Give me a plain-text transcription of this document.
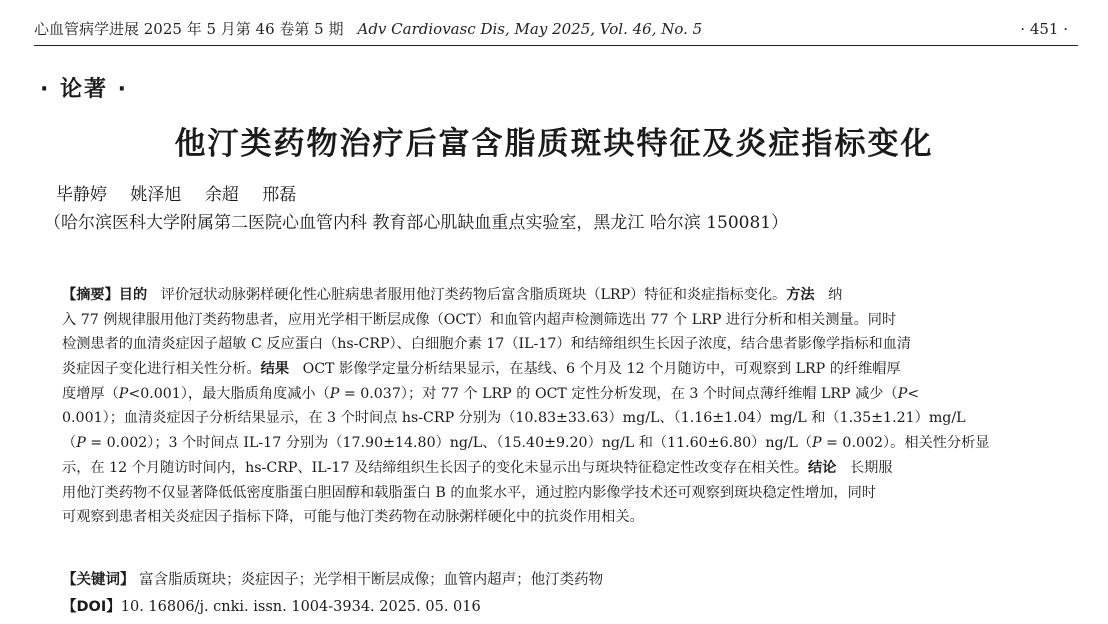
心血管病学进展 2025 年 5 月第 46 卷第 5 期 Adv Cardiovasc Dis, May 2025, Vol. 46, No. 5	· 451 ·
· 论著 ·
他汀类药物治疗后富含脂质斑块特征及炎症指标变化
毕静婷 姚泽旭 余超 邢磊
（哈尔滨医科大学附属第二医院心血管内科 教育部心肌缺血重点实验室，黑龙江 哈尔滨 150081）
【摘要】目的 评价冠状动脉粥样硬化性心脏病患者服用他汀类药物后富含脂质斑块（LRP）特征和炎症指标变化。方法 纳
入 77 例规律服用他汀类药物患者，应用光学相干断层成像（OCT）和血管内超声检测筛选出 77 个 LRP 进行分析和相关测量。同时
检测患者的血清炎症因子超敏 C 反应蛋白（hs-CRP）、白细胞介素 17（IL-17）和结缔组织生长因子浓度，结合患者影像学指标和血清
炎症因子变化进行相关性分析。结果 OCT 影像学定量分析结果显示，在基线、6 个月及 12 个月随访中，可观察到 LRP 的纤维帽厚
度增厚（P<0.001），最大脂质角度减小（P = 0.037）；对 77 个 LRP 的 OCT 定性分析发现，在 3 个时间点薄纤维帽 LRP 减少（P<
0.001）；血清炎症因子分析结果显示，在 3 个时间点 hs-CRP 分别为（10.83±33.63）mg/L、（1.16±1.04）mg/L 和（1.35±1.21）mg/L
（P = 0.002）；3 个时间点 IL-17 分别为（17.90±14.80）ng/L、（15.40±9.20）ng/L 和（11.60±6.80）ng/L（P = 0.002）。相关性分析显
示，在 12 个月随访时间内，hs-CRP、IL-17 及结缔组织生长因子的变化未显示出与斑块特征稳定性改变存在相关性。结论 长期服
用他汀类药物不仅显著降低低密度脂蛋白胆固醇和载脂蛋白 B 的血浆水平，通过腔内影像学技术还可观察到斑块稳定性增加，同时
可观察到患者相关炎症因子指标下降，可能与他汀类药物在动脉粥样硬化中的抗炎作用相关。
【关键词】 富含脂质斑块；炎症因子；光学相干断层成像；血管内超声；他汀类药物
【DOI】10. 16806/j. cnki. issn. 1004-3934. 2025. 05. 016
